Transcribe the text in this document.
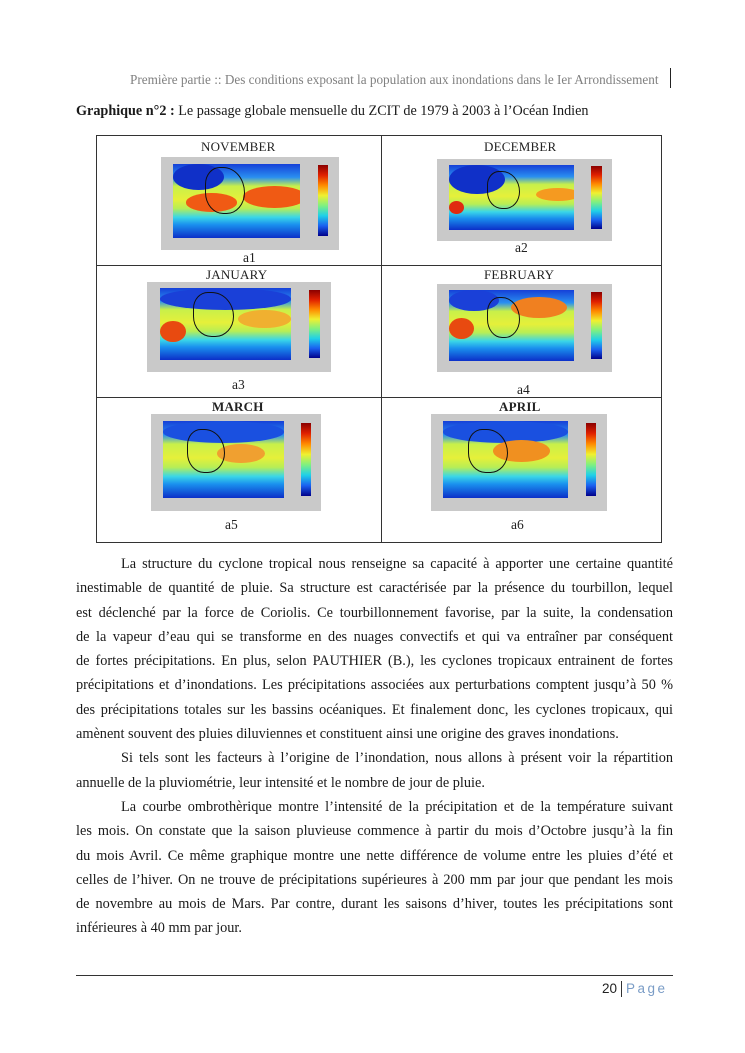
Première partie :: Des conditions exposant la population aux inondations dans le Ier Arrondissement
Graphique n°2 : Le passage globale mensuelle du ZCIT de 1979 à 2003 à l’Océan Indien
NOVEMBER
a1
DECEMBER
a2
JANUARY
a3
FEBRUARY
a4
MARCH
a5
APRIL
a6
La structure du cyclone tropical nous renseigne sa capacité à apporter une certaine quantité
inestimable de quantité de pluie. Sa structure est caractérisée par la présence du tourbillon, lequel
est déclenché par la force de Coriolis. Ce tourbillonnement favorise, par la suite, la condensation
de la vapeur d’eau qui se transforme en des nuages convectifs et qui va entraîner par conséquent
de fortes précipitations. En plus, selon PAUTHIER (B.), les cyclones tropicaux entrainent de fortes
précipitations et d’inondations. Les précipitations associées aux perturbations comptent jusqu’à 50 %
des précipitations totales sur les bassins océaniques. Et finalement donc, les cyclones tropicaux, qui
amènent souvent des pluies diluviennes et constituent ainsi une origine des graves inondations.
Si tels sont les facteurs à l’origine de l’inondation, nous allons à présent voir la répartition
annuelle de la pluviométrie, leur intensité et le nombre de jour de pluie.
La courbe ombrothèrique montre l’intensité de la précipitation et de la température suivant
les mois. On constate que la saison pluvieuse commence à partir du mois d’Octobre jusqu’à la fin
du mois Avril. Ce même graphique montre une nette différence de volume entre les pluies d’été et
celles de l’hiver. On ne trouve de précipitations supérieures à 200 mm par jour que pendant les mois
de novembre au mois de Mars. Par contre, durant les saisons d’hiver, toutes les précipitations sont
inférieures à 40 mm par jour.
20 Page
